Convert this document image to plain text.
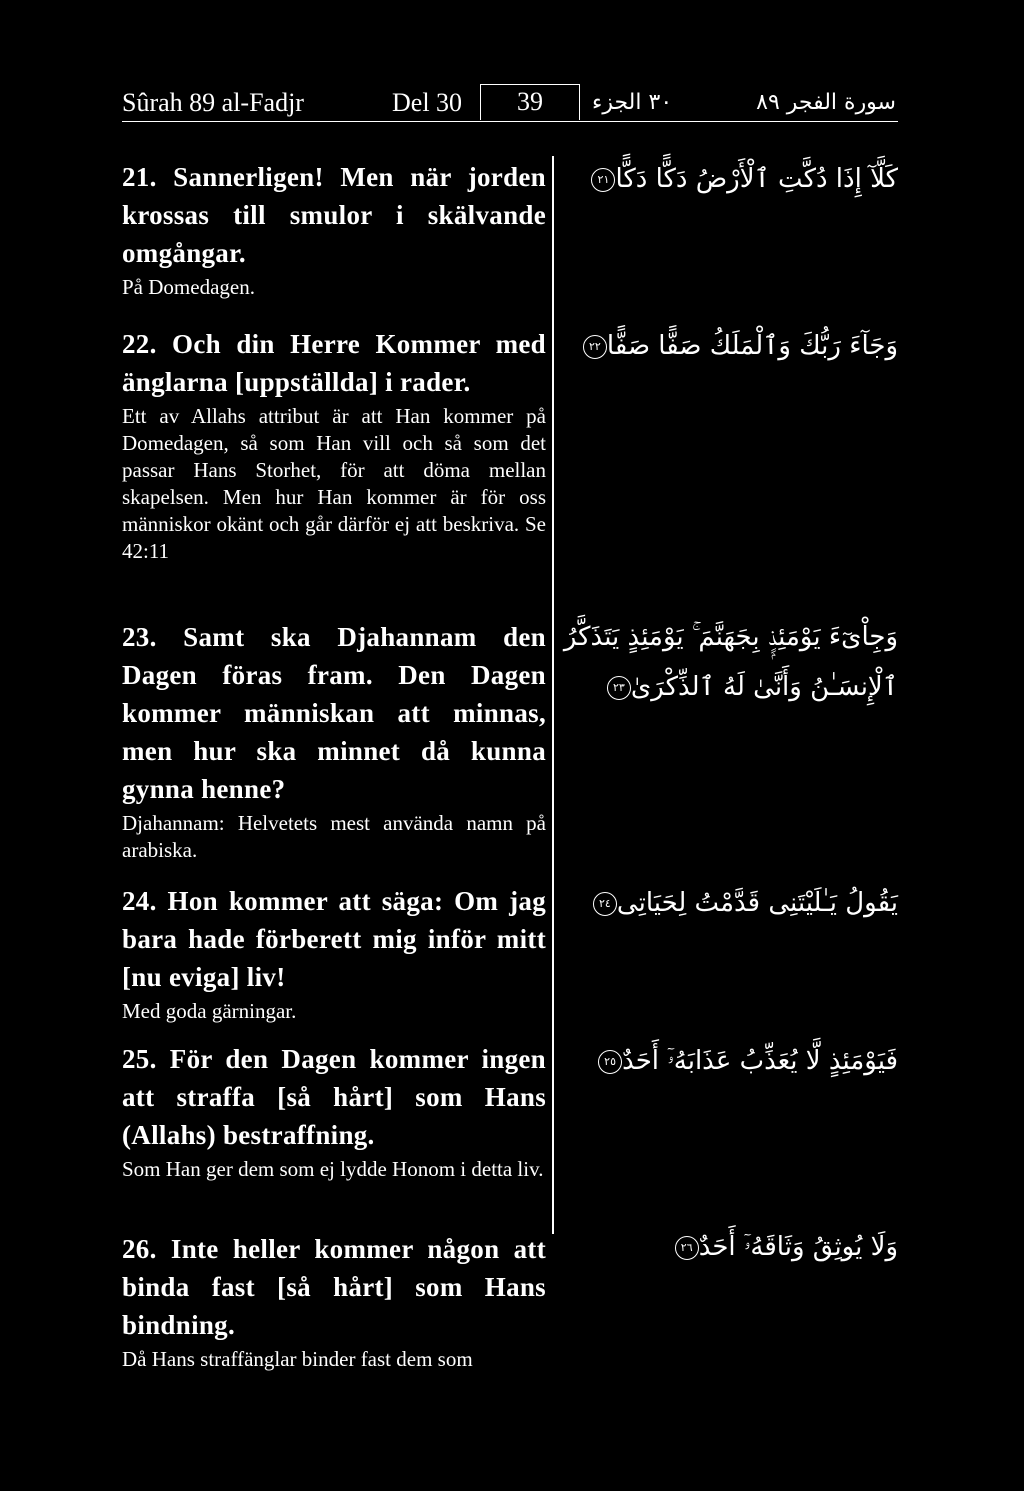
Sûrah 89 al-Fadjr	Del 30	39	٣٠ الجزء	سورة الفجر ٨٩
21. Sannerligen! Men när jorden krossas till smulor i skälvande omgångar.
På Domedagen.
كَلَّآ إِذَا دُكَّتِ ٱلْأَرْضُ دَكًّا دَكًّا٢١
22. Och din Herre Kommer med änglarna [uppställda] i rader.
Ett av Allahs attribut är att Han kommer på Domedagen, så som Han vill och så som det passar Hans Storhet, för att döma mellan skapelsen. Men hur Han kommer är för oss människor okänt och går därför ej att beskriva. Se 42:11
وَجَآءَ رَبُّكَ وَٱلْمَلَكُ صَفًّا صَفًّا٢٢
23. Samt ska Djahannam den Dagen föras fram. Den Dagen kommer människan att minnas, men hur ska minnet då kunna gynna henne?
Djahannam: Helvetets mest använda namn på arabiska.
وَجِاْىٓءَ يَوْمَئِذٍۭ بِجَهَنَّمَ ۚ يَوْمَئِذٍ يَتَذَكَّرُ
ٱلْإِنسَـٰنُ وَأَنَّىٰ لَهُ ٱلذِّكْرَىٰ٢٣
24. Hon kommer att säga: Om jag bara hade förberett mig inför mitt [nu eviga] liv!
Med goda gärningar.
يَقُولُ يَـٰلَيْتَنِى قَدَّمْتُ لِحَيَاتِى٢٤
25. För den Dagen kommer ingen att straffa [så hårt] som Hans (Allahs) bestraffning.
Som Han ger dem som ej lydde Honom i detta liv.
فَيَوْمَئِذٍ لَّا يُعَذِّبُ عَذَابَهُۥٓ أَحَدٌ٢٥
26. Inte heller kommer någon att binda fast [så hårt] som Hans bindning.
Då Hans straffänglar binder fast dem som
وَلَا يُوثِقُ وَثَاقَهُۥٓ أَحَدٌ٢٦
